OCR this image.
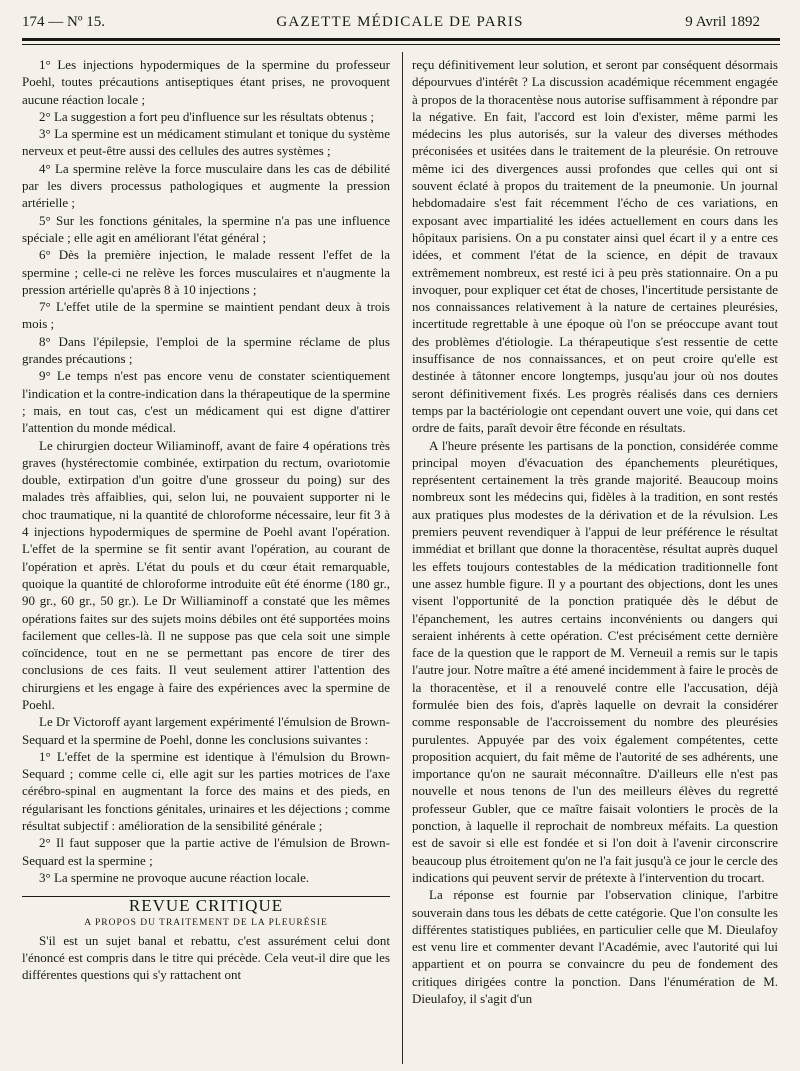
174 — Nº 15.	GAZETTE MÉDICALE DE PARIS	9 Avril 1892

1° Les injections hypodermiques de la spermine du professeur Poehl, toutes précautions antiseptiques étant prises, ne provoquent aucune réaction locale ;

2° La suggestion a fort peu d'influence sur les résultats obtenus ;

3° La spermine est un médicament stimulant et tonique du système nerveux et peut-être aussi des cellules des autres systèmes ;

4° La spermine relève la force musculaire dans les cas de débilité par les divers processus pathologiques et augmente la pression artérielle ;

5° Sur les fonctions génitales, la spermine n'a pas une influence spéciale ; elle agit en améliorant l'état général ;

6° Dès la première injection, le malade ressent l'effet de la spermine ; celle-ci ne relève les forces musculaires et n'augmente la pression artérielle qu'après 8 à 10 injections ;

7° L'effet utile de la spermine se maintient pendant deux à trois mois ;

8° Dans l'épilepsie, l'emploi de la spermine réclame de plus grandes précautions ;

9° Le temps n'est pas encore venu de constater scientiquement l'indication et la contre-indication dans la thérapeutique de la spermine ; mais, en tout cas, c'est un médicament qui est digne d'attirer l'attention du monde médical.

Le chirurgien docteur Wiliaminoff, avant de faire 4 opérations très graves (hystérectomie combinée, extirpation du rectum, ovariotomie double, extirpation d'un goitre d'une grosseur du poing) sur des malades très affaiblies, qui, selon lui, ne pouvaient supporter ni le choc traumatique, ni la quantité de chloroforme nécessaire, leur fit 3 à 4 injections hypodermiques de spermine de Poehl avant l'opération. L'effet de la spermine se fit sentir avant l'opération, au courant de l'opération et après. L'état du pouls et du cœur était remarquable, quoique la quantité de chloroforme introduite eût été énorme (180 gr., 90 gr., 60 gr., 50 gr.). Le Dr Williaminoff a constaté que les mêmes opérations faites sur des sujets moins débiles ont été supportées moins facilement que celles-là. Il ne suppose pas que cela soit une simple coïncidence, tout en ne se permettant pas encore de tirer des conclusions de ces faits. Il veut seulement attirer l'attention des chirurgiens et les engage à faire des expériences avec la spermine de Poehl.

Le Dr Victoroff ayant largement expérimenté l'émulsion de Brown-Sequard et la spermine de Poehl, donne les conclusions suivantes :

1° L'effet de la spermine est identique à l'émulsion du Brown-Sequard ; comme celle ci, elle agit sur les parties motrices de l'axe cérébro-spinal en augmentant la force des mains et des pieds, en régularisant les fonctions génitales, urinaires et les déjections ; comme résultat subjectif : amélioration de la sensibilité générale ;

2° Il faut supposer que la partie active de l'émulsion de Brown-Sequard est la spermine ;

3° La spermine ne provoque aucune réaction locale.

REVUE CRITIQUE

A PROPOS DU TRAITEMENT DE LA PLEURÉSIE

S'il est un sujet banal et rebattu, c'est assurément celui dont l'énoncé est compris dans le titre qui précède. Cela veut-il dire que les différentes questions qui s'y rattachent ont

reçu définitivement leur solution, et seront par conséquent désormais dépourvues d'intérêt ? La discussion académique récemment engagée à propos de la thoracentèse nous autorise suffisamment à répondre par la négative. En fait, l'accord est loin d'exister, même parmi les médecins les plus autorisés, sur la valeur des diverses méthodes préconisées et usitées dans le traitement de la pleurésie. On retrouve même ici des divergences aussi profondes que celles qui ont si souvent éclaté à propos du traitement de la pneumonie. Un journal hebdomadaire s'est fait récemment l'écho de ces variations, en exposant avec impartialité les idées actuellement en cours dans les hôpitaux parisiens. On a pu constater ainsi quel écart il y a entre ces idées, et comment l'état de la science, en dépit de travaux extrêmement nombreux, est resté ici à peu près stationnaire. On a pu invoquer, pour expliquer cet état de choses, l'incertitude persistante de nos connaissances relativement à la nature de certaines pleurésies, incertitude regrettable à une époque où l'on se préoccupe avant tout des problèmes d'étiologie. La thérapeutique s'est ressentie de cette insuffisance de nos connaissances, et on peut croire qu'elle est destinée à tâtonner encore longtemps, jusqu'au jour où nos doutes seront définitivement fixés. Les progrès réalisés dans ces derniers temps par la bactériologie ont cependant ouvert une voie, qui dans cet ordre de faits, paraît devoir être féconde en résultats.

A l'heure présente les partisans de la ponction, considérée comme principal moyen d'évacuation des épanchements pleurétiques, représentent certainement la très grande majorité. Beaucoup moins nombreux sont les médecins qui, fidèles à la tradition, en sont restés aux pratiques plus modestes de la dérivation et de la révulsion. Les premiers peuvent revendiquer à l'appui de leur préférence le résultat immédiat et brillant que donne la thoracentèse, résultat auprès duquel les effets toujours contestables de la médication traditionnelle font une assez humble figure. Il y a pourtant des objections, dont les unes visent l'opportunité de la ponction pratiquée dès le début de l'épanchement, les autres certains inconvénients ou dangers qui seraient inhérents à cette opération. C'est précisément cette dernière face de la question que le rapport de M. Verneuil a remis sur le tapis l'autre jour. Notre maître a été amené incidemment à faire le procès de la thoracentèse, et il a renouvelé contre elle l'accusation, déjà formulée bien des fois, d'après laquelle on devrait la considérer comme responsable de l'accroissement du nombre des pleurésies purulentes. Appuyée par des voix également compétentes, cette proposition acquiert, du fait même de l'autorité de ses adhérents, une importance qu'on ne saurait méconnaître. D'ailleurs elle n'est pas nouvelle et nous tenons de l'un des meilleurs élèves du regretté professeur Gubler, que ce maître faisait volontiers le procès de la ponction, à laquelle il reprochait de nombreux méfaits. La question est de savoir si elle est fondée et si l'on doit à l'avenir circonscrire beaucoup plus étroitement qu'on ne l'a fait jusqu'à ce jour le cercle des indications qui peuvent servir de prétexte à l'intervention du trocart.

La réponse est fournie par l'observation clinique, l'arbitre souverain dans tous les débats de cette catégorie. Que l'on consulte les différentes statistiques publiées, en particulier celle que M. Dieulafoy est venu lire et commenter devant l'Académie, avec l'autorité qui lui appartient et on pourra se convaincre du peu de fondement des critiques dirigées contre la ponction. Dans l'énumération de M. Dieulafoy, il s'agit d'un
